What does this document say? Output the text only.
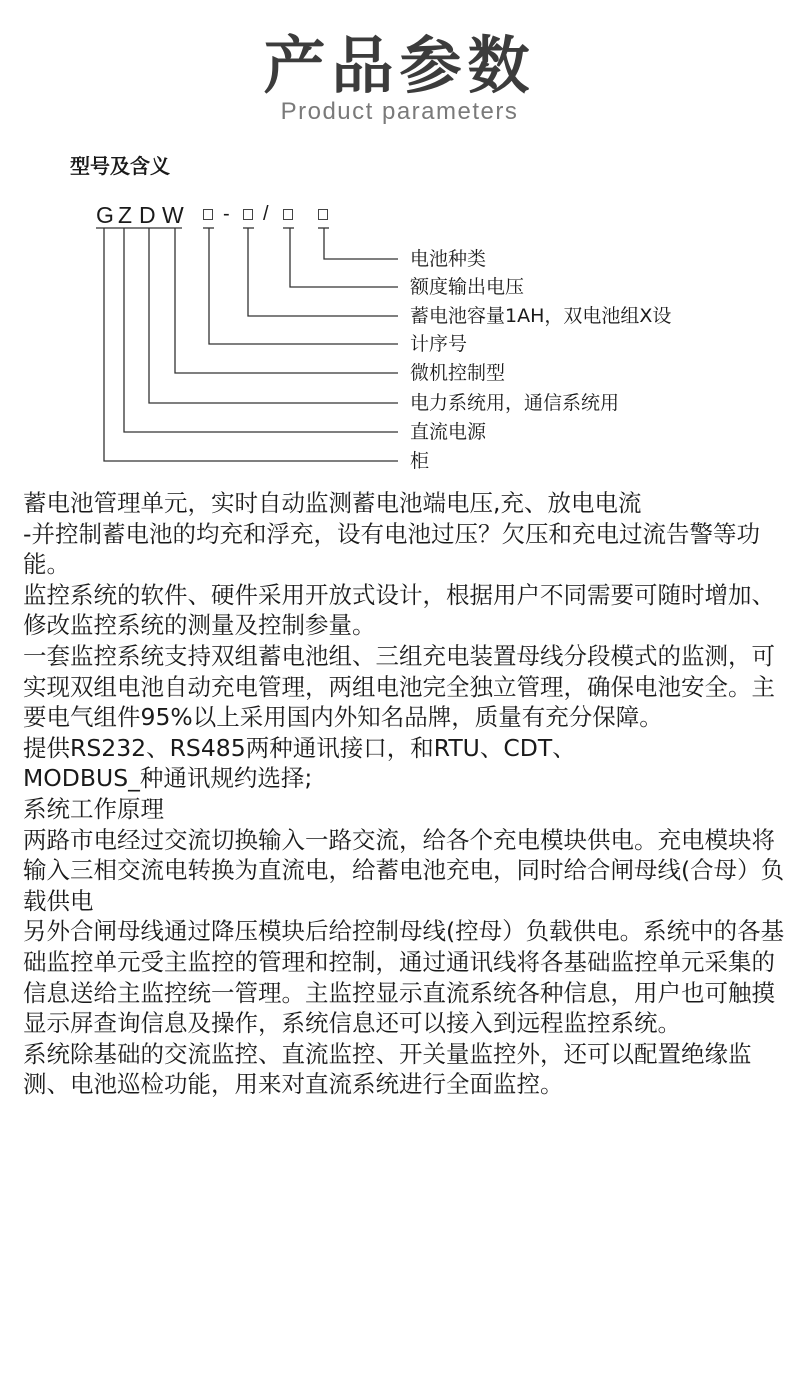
产品参数
Product parameters
型号及含义
G Z D W - /
电池种类
额度输出电压
蓄电池容量1AH，双电池组X设
计序号
微机控制型
电力系统用，通信系统用
直流电源
柜

蓄电池管理单元，实时自动监测蓄电池端电压,充、放电电流

-并控制蓄电池的均充和浮充，设有电池过压？欠压和充电过流告警等功能。

监控系统的软件、硬件采用开放式设计，根据用户不同需要可随时增加、修改监控系统的测量及控制参量。

一套监控系统支持双组蓄电池组、三组充电装置母线分段模式的监测，可实现双组电池自动充电管理，两组电池完全独立管理，确保电池安全。主要电气组件95%以上采用国内外知名品牌，质量有充分保障。

提供RS232、RS485两种通讯接口，和RTU、CDT、

MODBUS_种通讯规约选择;

系统工作原理

两路市电经过交流切换输入一路交流，给各个充电模块供电。充电模块将输入三相交流电转换为直流电，给蓄电池充电，同时给合闸母线(合母）负载供电

另外合闸母线通过降压模块后给控制母线(控母）负载供电。系统中的各基础监控单元受主监控的管理和控制，通过通讯线将各基础监控单元采集的信息送给主监控统一管理。主监控显示直流系统各种信息，用户也可触摸显示屏查询信息及操作，系统信息还可以接入到远程监控系统。

系统除基础的交流监控、直流监控、开关量监控外，还可以配置绝缘监测、电池巡检功能，用来对直流系统进行全面监控。
